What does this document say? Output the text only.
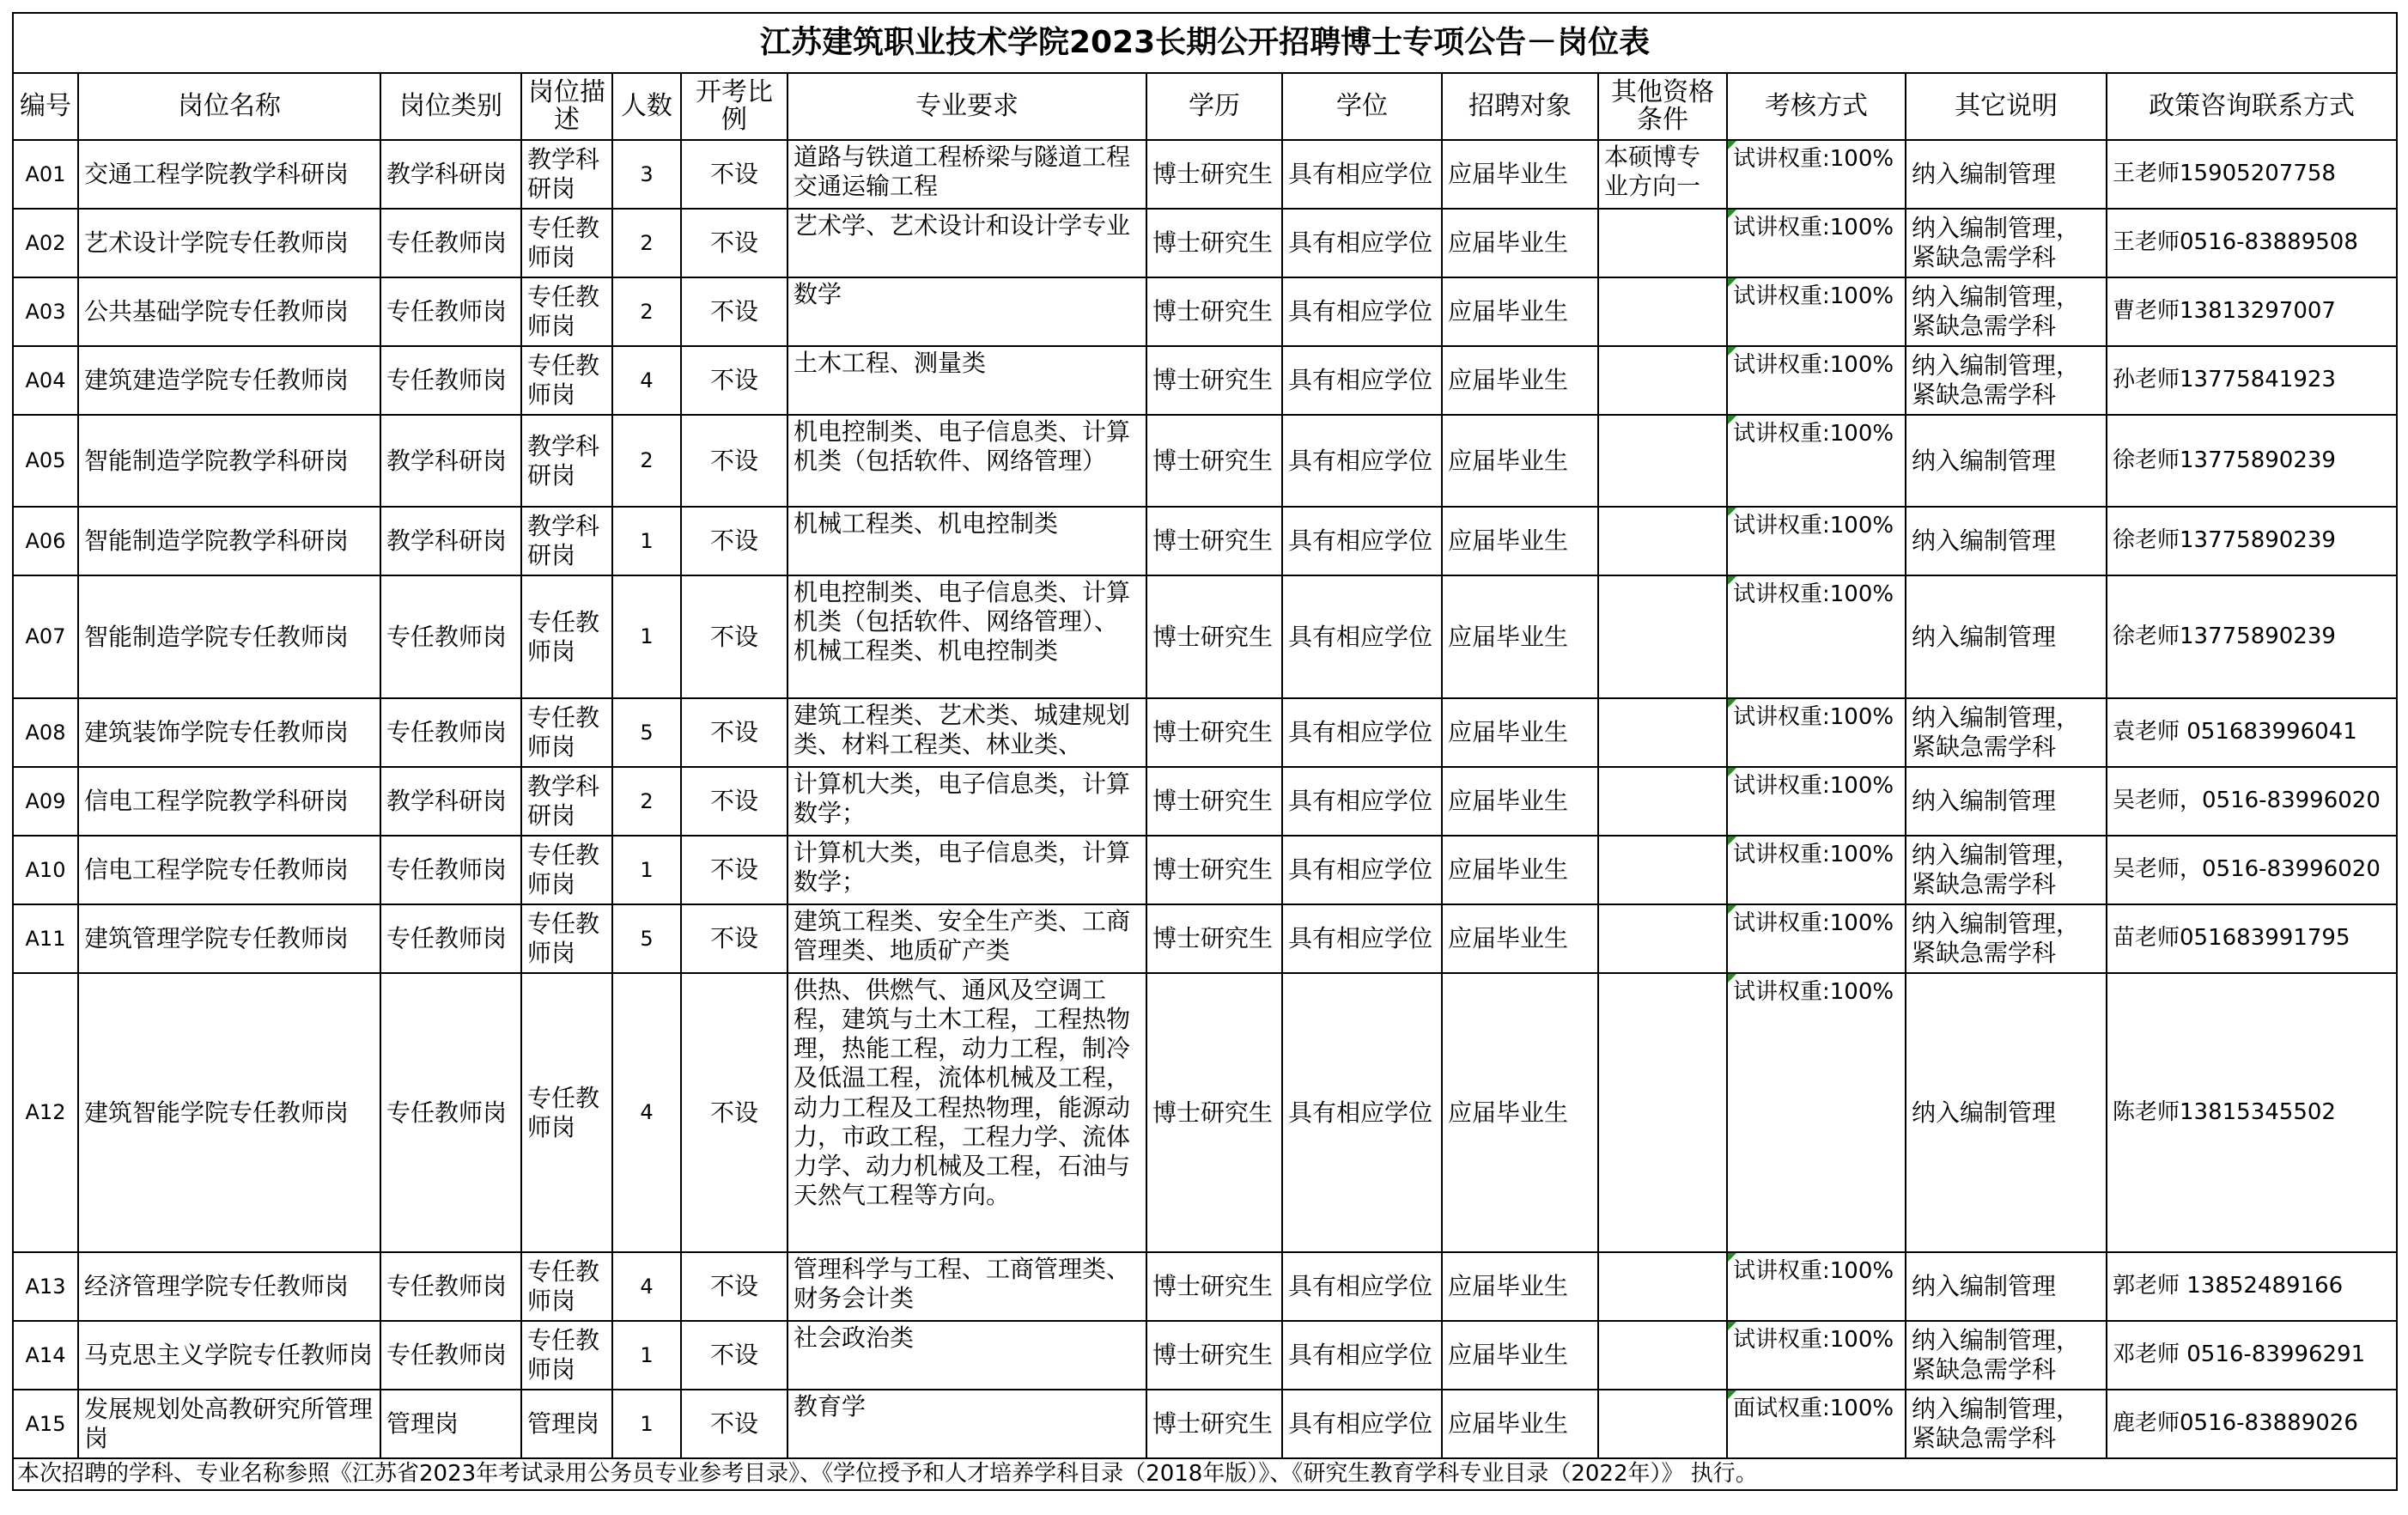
江苏建筑职业技术学院2023长期公开招聘博士专项公告－岗位表													
编号	岗位名称	岗位类别	岗位描述	人数	开考比例	专业要求	学历	学位	招聘对象	其他资格条件	考核方式	其它说明	政策咨询联系方式
A01	交通工程学院教学科研岗	教学科研岗	教学科研岗	3	不设	道路与铁道工程桥梁与隧道工程交通运输工程	博士研究生	具有相应学位	应届毕业生	本硕博专业方向一	试讲权重:100%	纳入编制管理	王老师15905207758
A02	艺术设计学院专任教师岗	专任教师岗	专任教师岗	2	不设	艺术学、艺术设计和设计学专业	博士研究生	具有相应学位	应届毕业生		试讲权重:100%	纳入编制管理，紧缺急需学科	王老师0516-83889508
A03	公共基础学院专任教师岗	专任教师岗	专任教师岗	2	不设	数学	博士研究生	具有相应学位	应届毕业生		试讲权重:100%	纳入编制管理，紧缺急需学科	曹老师13813297007
A04	建筑建造学院专任教师岗	专任教师岗	专任教师岗	4	不设	土木工程、测量类	博士研究生	具有相应学位	应届毕业生		试讲权重:100%	纳入编制管理，紧缺急需学科	孙老师13775841923
A05	智能制造学院教学科研岗	教学科研岗	教学科研岗	2	不设	机电控制类、电子信息类、计算机类（包括软件、网络管理）	博士研究生	具有相应学位	应届毕业生		试讲权重:100%	纳入编制管理	徐老师13775890239
A06	智能制造学院教学科研岗	教学科研岗	教学科研岗	1	不设	机械工程类、机电控制类	博士研究生	具有相应学位	应届毕业生		试讲权重:100%	纳入编制管理	徐老师13775890239
A07	智能制造学院专任教师岗	专任教师岗	专任教师岗	1	不设	机电控制类、电子信息类、计算机类（包括软件、网络管理）、机械工程类、机电控制类	博士研究生	具有相应学位	应届毕业生		试讲权重:100%	纳入编制管理	徐老师13775890239
A08	建筑装饰学院专任教师岗	专任教师岗	专任教师岗	5	不设	建筑工程类、艺术类、城建规划类、材料工程类、林业类、	博士研究生	具有相应学位	应届毕业生		试讲权重:100%	纳入编制管理，紧缺急需学科	袁老师 051683996041
A09	信电工程学院教学科研岗	教学科研岗	教学科研岗	2	不设	计算机大类，电子信息类，计算数学；	博士研究生	具有相应学位	应届毕业生		试讲权重:100%	纳入编制管理	吴老师，0516-83996020
A10	信电工程学院专任教师岗	专任教师岗	专任教师岗	1	不设	计算机大类，电子信息类，计算数学；	博士研究生	具有相应学位	应届毕业生		试讲权重:100%	纳入编制管理，紧缺急需学科	吴老师，0516-83996020
A11	建筑管理学院专任教师岗	专任教师岗	专任教师岗	5	不设	建筑工程类、安全生产类、工商管理类、地质矿产类	博士研究生	具有相应学位	应届毕业生		试讲权重:100%	纳入编制管理，紧缺急需学科	苗老师051683991795
A12	建筑智能学院专任教师岗	专任教师岗	专任教师岗	4	不设	供热、供燃气、通风及空调工程，建筑与土木工程，工程热物理，热能工程，动力工程，制冷及低温工程，流体机械及工程，动力工程及工程热物理，能源动力，市政工程，工程力学、流体力学、动力机械及工程，石油与天然气工程等方向。	博士研究生	具有相应学位	应届毕业生		试讲权重:100%	纳入编制管理	陈老师13815345502
A13	经济管理学院专任教师岗	专任教师岗	专任教师岗	4	不设	管理科学与工程、工商管理类、财务会计类	博士研究生	具有相应学位	应届毕业生		试讲权重:100%	纳入编制管理	郭老师 13852489166
A14	马克思主义学院专任教师岗	专任教师岗	专任教师岗	1	不设	社会政治类	博士研究生	具有相应学位	应届毕业生		试讲权重:100%	纳入编制管理，紧缺急需学科	邓老师 0516-83996291
A15	发展规划处高教研究所管理岗	管理岗	管理岗	1	不设	教育学	博士研究生	具有相应学位	应届毕业生		面试权重:100%	纳入编制管理，紧缺急需学科	鹿老师0516-83889026
本次招聘的学科、专业名称参照《江苏省2023年考试录用公务员专业参考目录》、《学位授予和人才培养学科目录（2018年版）》、《研究生教育学科专业目录（2022年）》 执行。													
